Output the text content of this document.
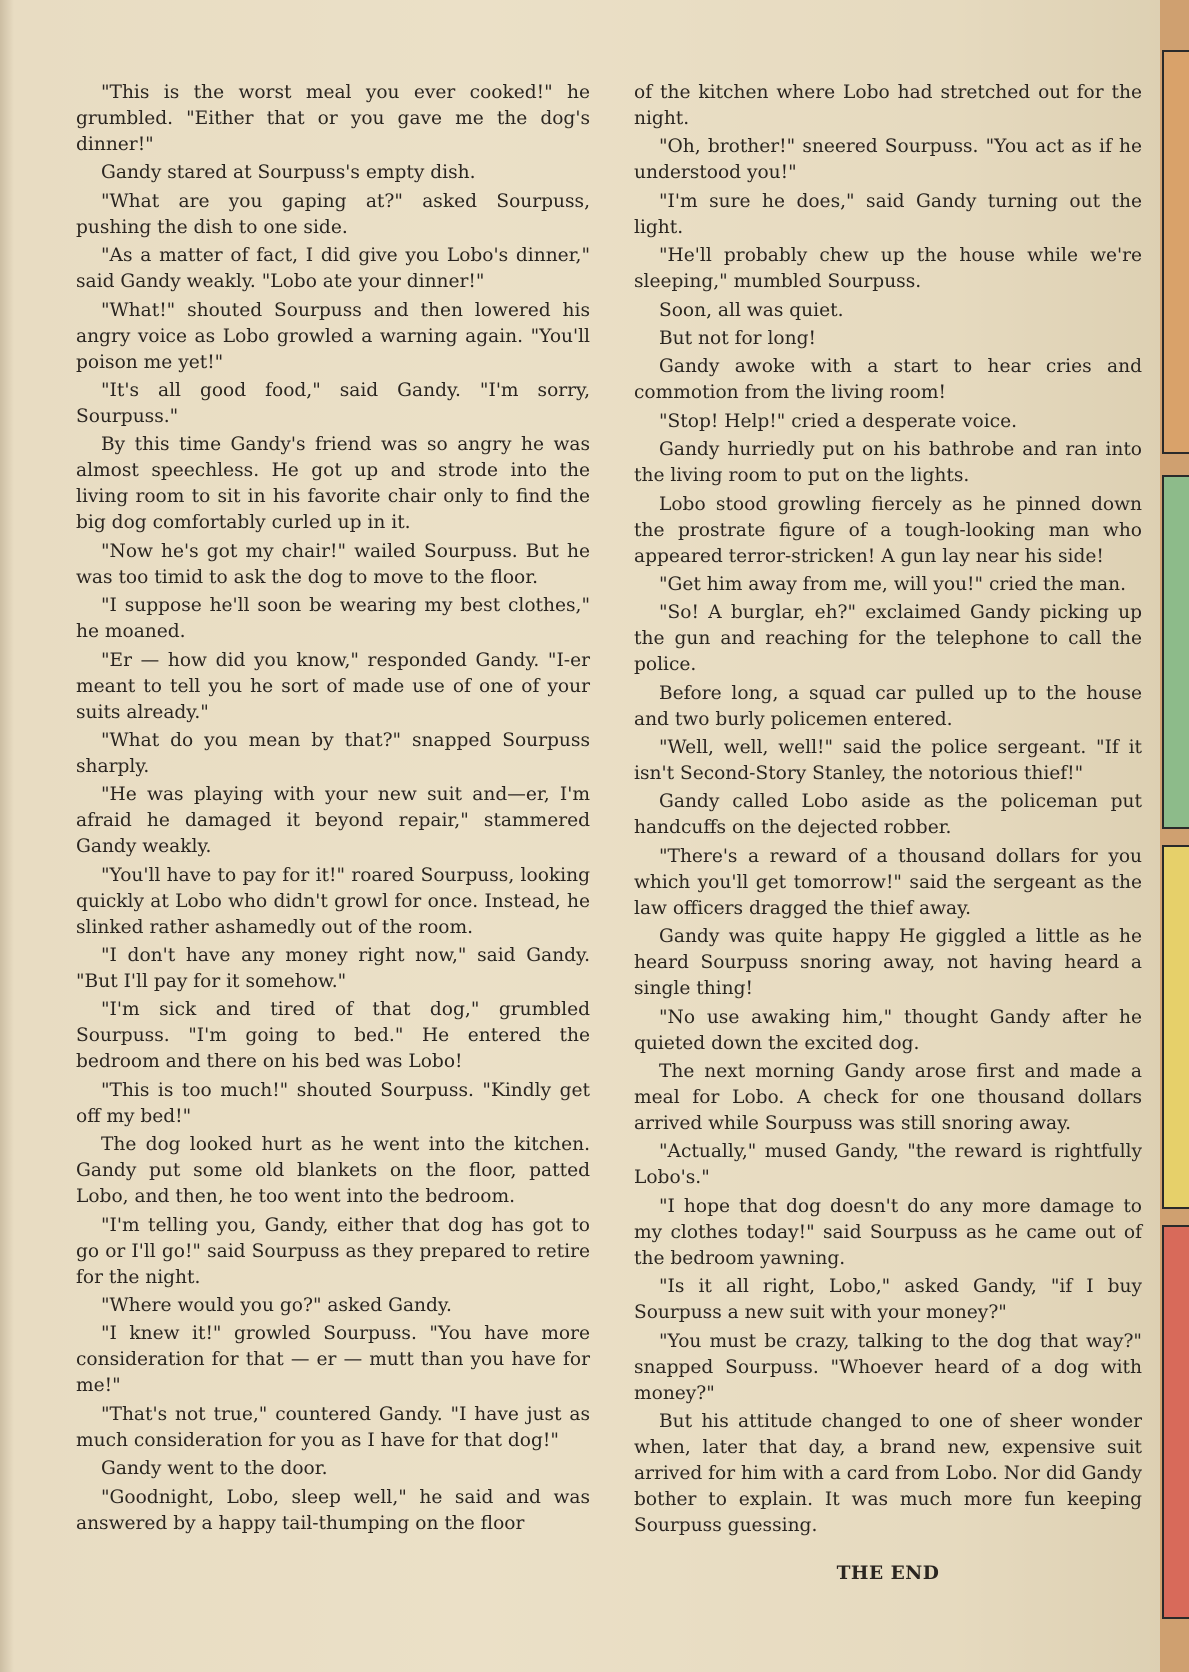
"This is the worst meal you ever cooked!" he grumbled. "Either that or you gave me the dog's dinner!"

Gandy stared at Sourpuss's empty dish.

"What are you gaping at?" asked Sourpuss, pushing the dish to one side.

"As a matter of fact, I did give you Lobo's dinner," said Gandy weakly. "Lobo ate your dinner!"

"What!" shouted Sourpuss and then lowered his angry voice as Lobo growled a warning again. "You'll poison me yet!"

"It's all good food," said Gandy. "I'm sorry, Sourpuss."

By this time Gandy's friend was so angry he was almost speechless. He got up and strode into the living room to sit in his favorite chair only to find the big dog comfortably curled up in it.

"Now he's got my chair!" wailed Sourpuss. But he was too timid to ask the dog to move to the floor.

"I suppose he'll soon be wearing my best clothes," he moaned.

"Er — how did you know," responded Gandy. "I-er meant to tell you he sort of made use of one of your suits already."

"What do you mean by that?" snapped Sourpuss sharply.

"He was playing with your new suit and—er, I'm afraid he damaged it beyond repair," stammered Gandy weakly.

"You'll have to pay for it!" roared Sourpuss, looking quickly at Lobo who didn't growl for once. Instead, he slinked rather ashamedly out of the room.

"I don't have any money right now," said Gandy. "But I'll pay for it somehow."

"I'm sick and tired of that dog," grumbled Sourpuss. "I'm going to bed." He entered the bedroom and there on his bed was Lobo!

"This is too much!" shouted Sourpuss. "Kindly get off my bed!"

The dog looked hurt as he went into the kitchen. Gandy put some old blankets on the floor, patted Lobo, and then, he too went into the bedroom.

"I'm telling you, Gandy, either that dog has got to go or I'll go!" said Sourpuss as they prepared to retire for the night.

"Where would you go?" asked Gandy.

"I knew it!" growled Sourpuss. "You have more consideration for that — er — mutt than you have for me!"

"That's not true," countered Gandy. "I have just as much consideration for you as I have for that dog!"

Gandy went to the door.

"Goodnight, Lobo, sleep well," he said and was answered by a happy tail-thumping on the floor

of the kitchen where Lobo had stretched out for the night.

"Oh, brother!" sneered Sourpuss. "You act as if he understood you!"

"I'm sure he does," said Gandy turning out the light.

"He'll probably chew up the house while we're sleeping," mumbled Sourpuss.

Soon, all was quiet.

But not for long!

Gandy awoke with a start to hear cries and commotion from the living room!

"Stop! Help!" cried a desperate voice.

Gandy hurriedly put on his bathrobe and ran into the living room to put on the lights.

Lobo stood growling fiercely as he pinned down the prostrate figure of a tough-looking man who appeared terror-stricken! A gun lay near his side!

"Get him away from me, will you!" cried the man.

"So! A burglar, eh?" exclaimed Gandy picking up the gun and reaching for the telephone to call the police.

Before long, a squad car pulled up to the house and two burly policemen entered.

"Well, well, well!" said the police sergeant. "If it isn't Second-Story Stanley, the notorious thief!"

Gandy called Lobo aside as the policeman put handcuffs on the dejected robber.

"There's a reward of a thousand dollars for you which you'll get tomorrow!" said the sergeant as the law officers dragged the thief away.

Gandy was quite happy He giggled a little as he heard Sourpuss snoring away, not having heard a single thing!

"No use awaking him," thought Gandy after he quieted down the excited dog.

The next morning Gandy arose first and made a meal for Lobo. A check for one thousand dollars arrived while Sourpuss was still snoring away.

"Actually," mused Gandy, "the reward is rightfully Lobo's."

"I hope that dog doesn't do any more damage to my clothes today!" said Sourpuss as he came out of the bedroom yawning.

"Is it all right, Lobo," asked Gandy, "if I buy Sourpuss a new suit with your money?"

"You must be crazy, talking to the dog that way?" snapped Sourpuss. "Whoever heard of a dog with money?"

But his attitude changed to one of sheer wonder when, later that day, a brand new, expensive suit arrived for him with a card from Lobo. Nor did Gandy bother to explain. It was much more fun keeping Sourpuss guessing.

THE END
